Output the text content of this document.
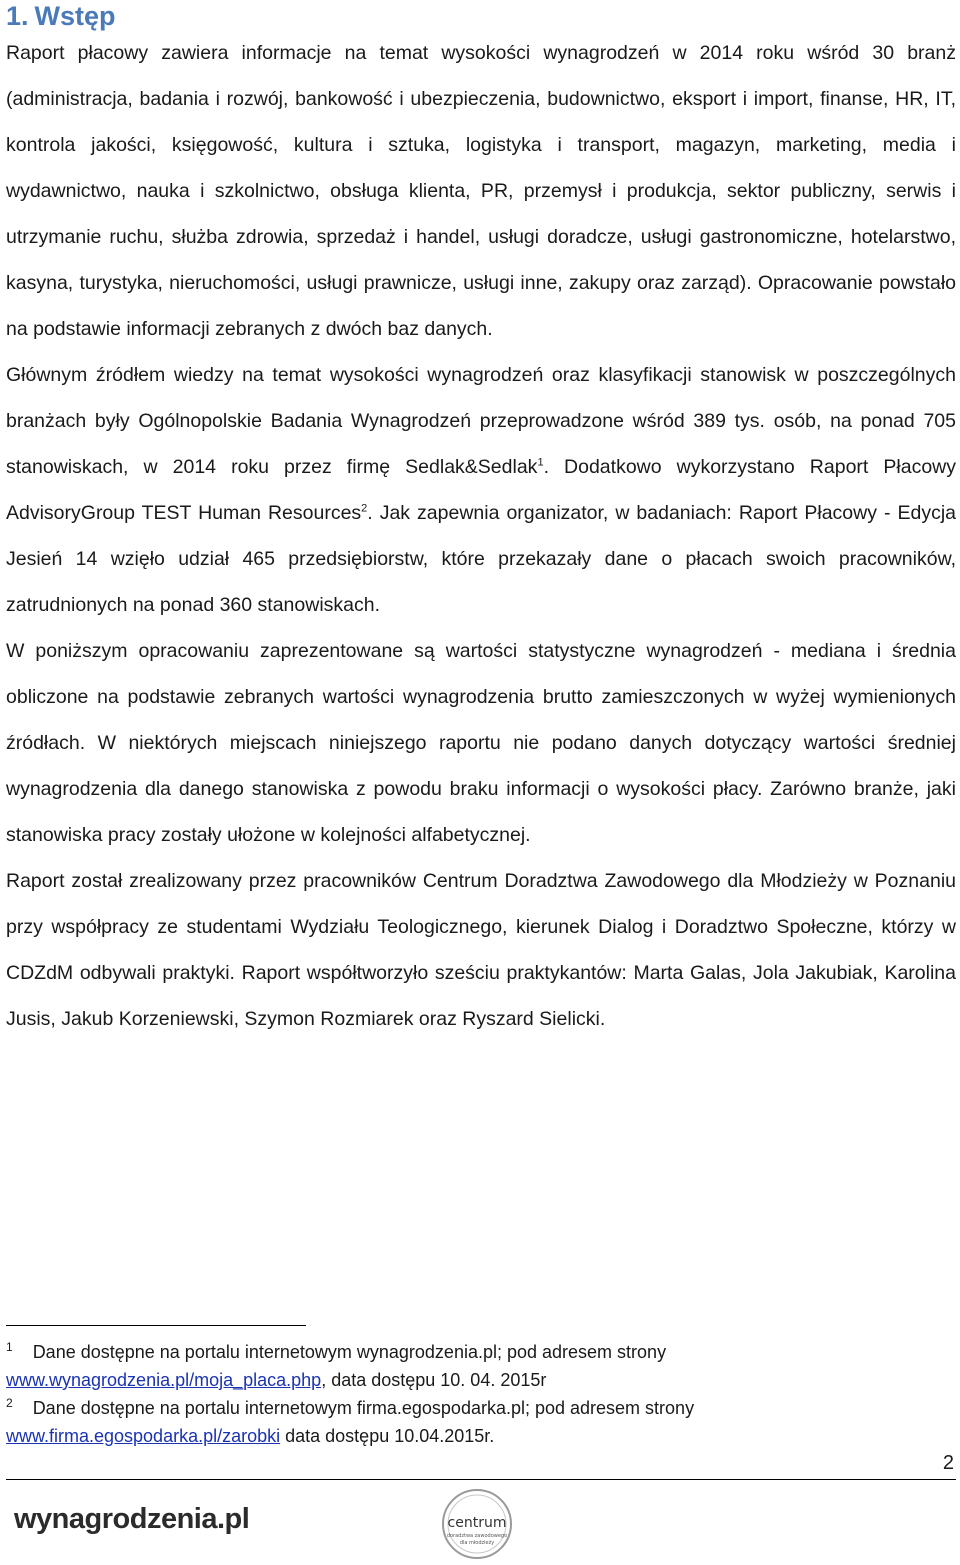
1. Wstęp

Raport płacowy zawiera informacje na temat wysokości wynagrodzeń w 2014 roku wśród 30 branż (administracja, badania i rozwój, bankowość i ubezpieczenia, budownictwo, eksport i import, finanse, HR, IT, kontrola jakości, księgowość, kultura i sztuka, logistyka i transport, magazyn, marketing, media i wydawnictwo, nauka i szkolnictwo, obsługa klienta, PR, przemysł i produkcja, sektor publiczny, serwis i utrzymanie ruchu, służba zdrowia, sprzedaż i handel, usługi doradcze, usługi gastronomiczne, hotelarstwo, kasyna, turystyka, nieruchomości, usługi prawnicze, usługi inne, zakupy oraz zarząd). Opracowanie powstało na podstawie informacji zebranych z dwóch baz danych.

Głównym źródłem wiedzy na temat wysokości wynagrodzeń oraz klasyfikacji stanowisk w poszczególnych branżach były Ogólnopolskie Badania Wynagrodzeń przeprowadzone wśród 389 tys. osób, na ponad 705 stanowiskach, w 2014 roku przez firmę Sedlak&Sedlak$^1$. Dodatkowo wykorzystano Raport Płacowy AdvisoryGroup TEST Human Resources$^2$. Jak zapewnia organizator, w badaniach: Raport Płacowy - Edycja Jesień 14 wzięło udział 465 przedsiębiorstw, które przekazały dane o płacach swoich pracowników, zatrudnionych na ponad 360 stanowiskach.

W poniższym opracowaniu zaprezentowane są wartości statystyczne wynagrodzeń - mediana i średnia obliczone na podstawie zebranych wartości wynagrodzenia brutto zamieszczonych w wyżej wymienionych źródłach. W niektórych miejscach niniejszego raportu nie podano danych dotyczący wartości średniej wynagrodzenia dla danego stanowiska z powodu braku informacji o wysokości płacy. Zarówno branże, jaki stanowiska pracy zostały ułożone w kolejności alfabetycznej.

Raport został zrealizowany przez pracowników Centrum Doradztwa Zawodowego dla Młodzieży w Poznaniu przy współpracy ze studentami Wydziału Teologicznego, kierunek Dialog i Doradztwo Społeczne, którzy w CDZdM odbywali praktyki. Raport współtworzyło sześciu praktykantów: Marta Galas, Jola Jakubiak, Karolina Jusis, Jakub Korzeniewski, Szymon Rozmiarek oraz Ryszard Sielicki.

$^1$ Dane dostępne na portalu internetowym wynagrodzenia.pl; pod adresem strony
www.wynagrodzenia.pl/moja_placa.php, data dostępu 10. 04. 2015r

$^2$ Dane dostępne na portalu internetowym firma.egospodarka.pl; pod adresem strony
www.firma.egospodarka.pl/zarobki data dostępu 10.04.2015r.

2
wynagrodzenia.pl	centrum
doradztwa zawodowego
dla młodzieży
